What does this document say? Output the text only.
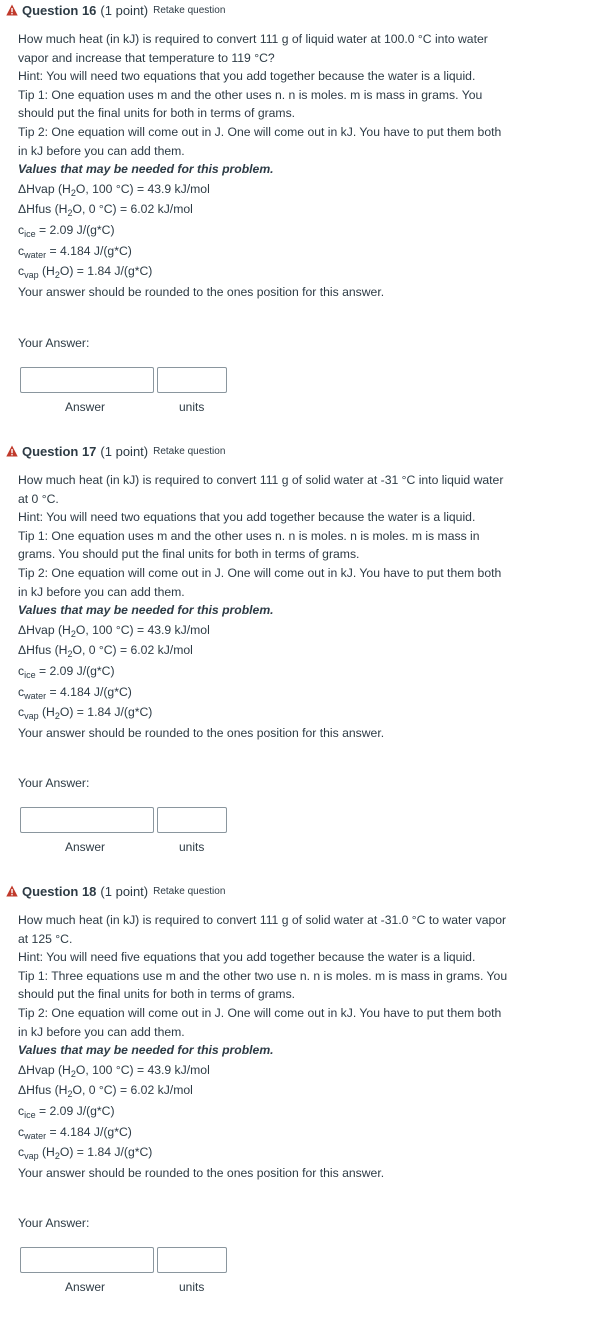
Question 16 (1 point) Retake question

How much heat (in kJ) is required to convert 111 g of liquid water at 100.0 °C into water vapor and increase that temperature to 119 °C?

Hint: You will need two equations that you add together because the water is a liquid.

Tip 1: One equation uses m and the other uses n. n is moles. m is mass in grams. You should put the final units for both in terms of grams.

Tip 2: One equation will come out in J. One will come out in kJ. You have to put them both in kJ before you can add them.

Values that may be needed for this problem.

ΔHvap ($H_2O$, 100 °C) = 43.9 kJ/mol

ΔHfus ($H_2O$, 0 °C) = 6.02 kJ/mol

$c_{ice} = 2.09$ J/(g*C)

$c_{water} = 4.184$ J/(g*C)

$c_{vap}$ $(H_2O) = 1.84$ J/(g*C)

Your answer should be rounded to the ones position for this answer.

Your Answer:
Answer	units
Question 17 (1 point) Retake question

How much heat (in kJ) is required to convert 111 g of solid water at -31 °C into liquid water at 0 °C.

Hint: You will need two equations that you add together because the water is a liquid.

Tip 1: One equation uses m and the other uses n. n is moles. n is moles. m is mass in grams. You should put the final units for both in terms of grams.

Tip 2: One equation will come out in J. One will come out in kJ. You have to put them both in kJ before you can add them.

Values that may be needed for this problem.

ΔHvap ($H_2O$, 100 °C) = 43.9 kJ/mol

ΔHfus ($H_2O$, 0 °C) = 6.02 kJ/mol

$c_{ice} = 2.09$ J/(g*C)

$c_{water} = 4.184$ J/(g*C)

$c_{vap}$ $(H_2O) = 1.84$ J/(g*C)

Your answer should be rounded to the ones position for this answer.

Your Answer:
Answer	units
Question 18 (1 point) Retake question

How much heat (in kJ) is required to convert 111 g of solid water at -31.0 °C to water vapor at 125 °C.

Hint: You will need five equations that you add together because the water is a liquid.

Tip 1: Three equations use m and the other two use n. n is moles. m is mass in grams. You should put the final units for both in terms of grams.

Tip 2: One equation will come out in J. One will come out in kJ. You have to put them both in kJ before you can add them.

Values that may be needed for this problem.

ΔHvap ($H_2O$, 100 °C) = 43.9 kJ/mol

ΔHfus ($H_2O$, 0 °C) = 6.02 kJ/mol

$c_{ice} = 2.09$ J/(g*C)

$c_{water} = 4.184$ J/(g*C)

$c_{vap}$ $(H_2O) = 1.84$ J/(g*C)

Your answer should be rounded to the ones position for this answer.

Your Answer:
Answer	units
